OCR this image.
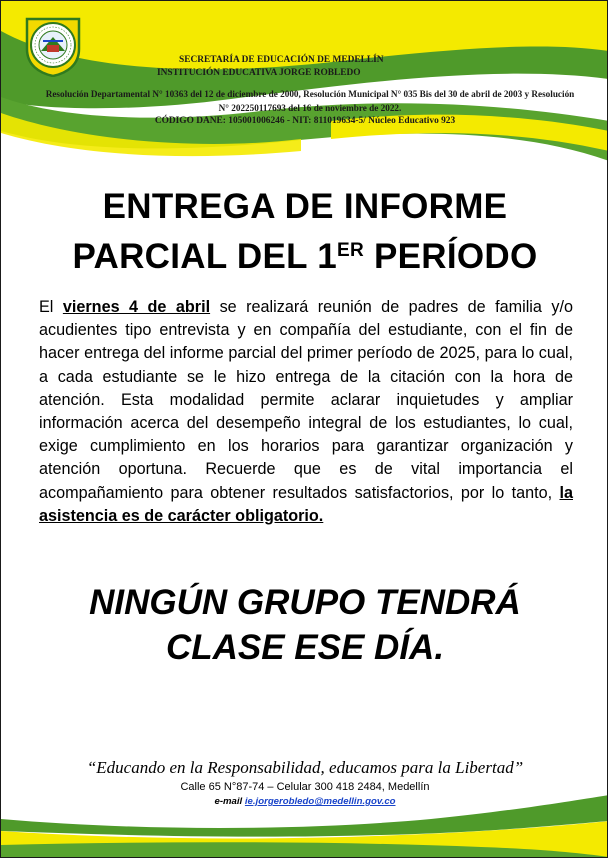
SECRETARÍA DE EDUCACIÓN DE MEDELLÍN
INSTITUCIÓN EDUCATIVA JORGE ROBLEDO
Resolución Departamental N° 10363 del 12 de diciembre de 2000, Resolución Municipal N° 035 Bis del 30 de abril de 2003 y Resolución N° 202250117693 del 16 de noviembre de 2022.
CÓDIGO DANE: 105001006246 - NIT: 811019634-5/ Núcleo Educativo 923
ENTREGA DE INFORME
PARCIAL DEL 1ER PERÍODO
El viernes 4 de abril se realizará reunión de padres de familia y/o acudientes tipo entrevista y en compañía del estudiante, con el fin de hacer entrega del informe parcial del primer período de 2025, para lo cual, a cada estudiante se le hizo entrega de la citación con la hora de atención. Esta modalidad permite aclarar inquietudes y ampliar información acerca del desempeño integral de los estudiantes, lo cual, exige cumplimiento en los horarios para garantizar organización y atención oportuna. Recuerde que es de vital importancia el acompañamiento para obtener resultados satisfactorios, por lo tanto, la asistencia es de carácter obligatorio.
NINGÚN GRUPO TENDRÁ
CLASE ESE DÍA.
“Educando en la Responsabilidad, educamos para la Libertad”
Calle 65 N°87-74 – Celular 300 418 2484, Medellín
e-mail ie.jorgerobledo@medellin.gov.co
